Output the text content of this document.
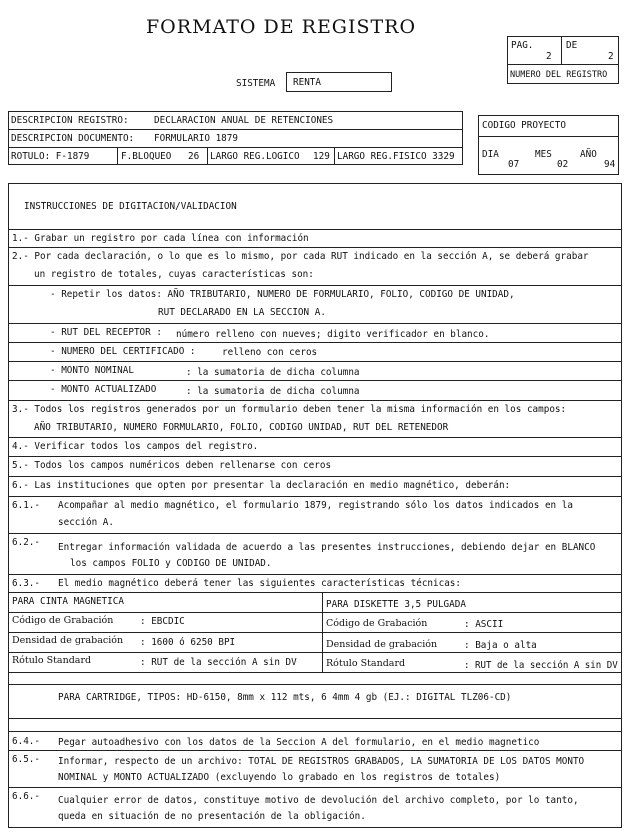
FORMATO DE REGISTRO
PAG.
2
DE
2
NUMERO DEL REGISTRO
SISTEMA RENTA
DESCRIPCION REGISTRO:	DECLARACION ANUAL DE RETENCIONES
DESCRIPCION DOCUMENTO: FORMULARIO 1879
ROTULO: F-1879	F.BLOQUEO 26 LARGO REG.LOGICO 129 LARGO REG.FISICO 3329
CODIGO PROYECTO
DIA
07
MES
02
AÑO
94
INSTRUCCIONES DE DIGITACION/VALIDACION
1.- Grabar un registro por cada línea con información
2.- Por cada declaración, o lo que es lo mismo, por cada RUT indicado en la sección A, se deberá grabar
un registro de totales, cuyas características son:
- Repetir los datos: AÑO TRIBUTARIO, NUMERO DE FORMULARIO, FOLIO, CODIGO DE UNIDAD,
RUT DECLARADO EN LA SECCION A.
- RUT DEL RECEPTOR : número relleno con nueves; digito verificador en blanco.
- NUMERO DEL CERTIFICADO :	relleno con ceros
- MONTO NOMINAL	: la sumatoria de dicha columna
- MONTO ACTUALIZADO	: la sumatoria de dicha columna
3.- Todos los registros generados por un formulario deben tener la misma información en los campos:
AÑO TRIBUTARIO, NUMERO FORMULARIO, FOLIO, CODIGO UNIDAD, RUT DEL RETENEDOR
4.- Verificar todos los campos del registro.
5.- Todos los campos numéricos deben rellenarse con ceros
6.- Las instituciones que opten por presentar la declaración en medio magnético, deberán:
6.1.- Acompañar al medio magnético, el formulario 1879, registrando sólo los datos indicados en la
sección A.
6.2.- Entregar información validada de acuerdo a las presentes instrucciones, debiendo dejar en BLANCO
los campos FOLIO y CODIGO DE UNIDAD.
6.3.- El medio magnético deberá tener las siguientes características técnicas:
PARA CINTA MAGNETICA	PARA DISKETTE 3,5 PULGADA
Código de Grabación	: EBCDIC	Código de Grabación	: ASCII
Densidad de grabación : 1600 ó 6250 BPI	Densidad de grabación	: Baja o alta
Rótulo Standard	: RUT de la sección A sin DV	Rótulo Standard	: RUT de la sección A sin DV
PARA CARTRIDGE, TIPOS: HD-6150, 8mm x 112 mts, 6 4mm 4 gb (EJ.: DIGITAL TLZ06-CD)
6.4.- Pegar autoadhesivo con los datos de la Seccion A del formulario, en el medio magnetico
6.5.- Informar, respecto de un archivo: TOTAL DE REGISTROS GRABADOS, LA SUMATORIA DE LOS DATOS MONTO
NOMINAL y MONTO ACTUALIZADO (excluyendo lo grabado en los registros de totales)
6.6.- Cualquier error de datos, constituye motivo de devolución del archivo completo, por lo tanto,
queda en situación de no presentación de la obligación.
